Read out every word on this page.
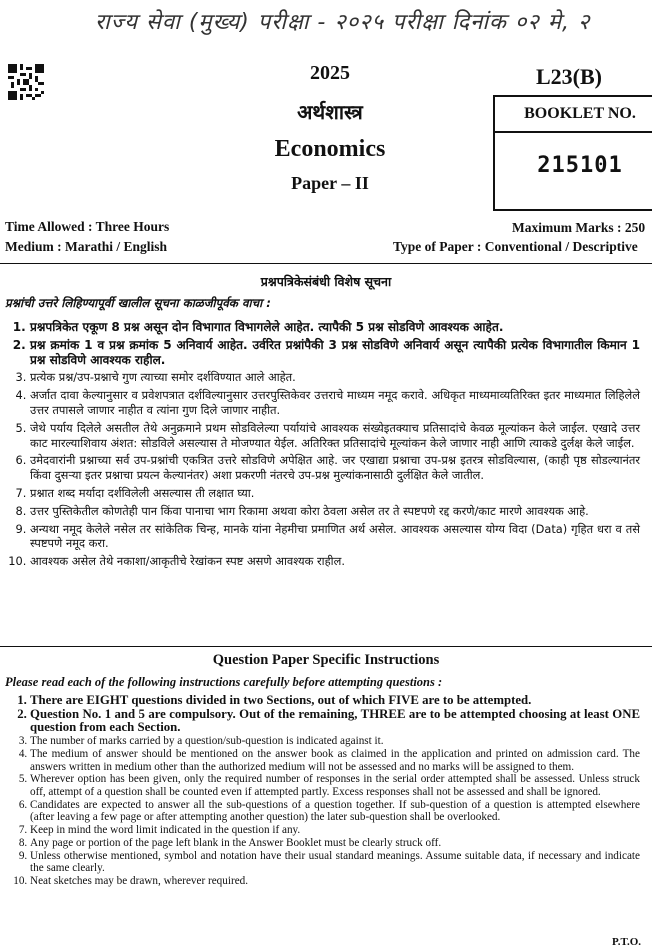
राज्य सेवा (मुख्य) परीक्षा - २०२५ परीक्षा दिनांक ०२ मे, २
2025
अर्थशास्त्र
Economics
Paper – II
L23(B)
BOOKLET NO.
215101
Time Allowed : Three Hours	Maximum Marks : 250
Medium : Marathi / English	Type of Paper : Conventional / Descriptive
प्रश्नपत्रिकेसंबंधी विशेष सूचना
प्रश्नांची उत्तरे लिहिण्यापूर्वी खालील सूचना काळजीपूर्वक वाचा :
1. प्रश्नपत्रिकेत एकूण 8 प्रश्न असून दोन विभागात विभागलेले आहेत. त्यापैकी 5 प्रश्न सोडविणे आवश्यक आहेत.
2. प्रश्न क्रमांक 1 व प्रश्न क्रमांक 5 अनिवार्य आहेत. उर्वरित प्रश्नांपैकी 3 प्रश्न सोडविणे अनिवार्य असून त्यापैकी प्रत्येक विभागातील किमान 1 प्रश्न सोडविणे आवश्यक राहील.
3. प्रत्येक प्रश्न/उप-प्रश्नाचे गुण त्याच्या समोर दर्शविण्यात आले आहेत.
4. अर्जात दावा केल्यानुसार व प्रवेशपत्रात दर्शविल्यानुसार उत्तरपुस्तिकेवर उत्तराचे माध्यम नमूद करावे. अधिकृत माध्यमाव्यतिरिक्त इतर माध्यमात लिहिलेले उत्तर तपासले जाणार नाहीत व त्यांना गुण दिले जाणार नाहीत.
5. जेथे पर्याय दिलेले असतील तेथे अनुक्रमाने प्रथम सोडविलेल्या पर्यायांचे आवश्यक संख्येइतक्याच प्रतिसादांचे केवळ मूल्यांकन केले जाईल. एखादे उत्तर काट मारल्याशिवाय अंशत: सोडविले असल्यास ते मोजण्यात येईल. अतिरिक्त प्रतिसादांचे मूल्यांकन केले जाणार नाही आणि त्याकडे दुर्लक्ष केले जाईल.
6. उमेदवारांनी प्रश्नाच्या सर्व उप-प्रश्नांची एकत्रित उत्तरे सोडविणे अपेक्षित आहे. जर एखाद्या प्रश्नाचा उप-प्रश्न इतरत्र सोडविल्यास, (काही पृष्ठ सोडल्यानंतर किंवा दुसऱ्या इतर प्रश्नाचा प्रयत्न केल्यानंतर) अशा प्रकरणी नंतरचे उप-प्रश्न मुल्यांकनासाठी दुर्लक्षित केले जातील.
7. प्रश्नात शब्द मर्यादा दर्शविलेली असल्यास ती लक्षात घ्या.
8. उत्तर पुस्तिकेतील कोणतेही पान किंवा पानाचा भाग रिकामा अथवा कोरा ठेवला असेल तर ते स्पष्टपणे रद्द करणे/काट मारणे आवश्यक आहे.
9. अन्यथा नमूद केलेले नसेल तर सांकेतिक चिन्ह, मानके यांना नेहमीचा प्रमाणित अर्थ असेल. आवश्यक असल्यास योग्य विदा (Data) गृहित धरा व तसे स्पष्टपणे नमूद करा.
10. आवश्यक असेल तेथे नकाशा/आकृतीचे रेखांकन स्पष्ट असणे आवश्यक राहील.
Question Paper Specific Instructions
Please read each of the following instructions carefully before attempting questions :
1. There are EIGHT questions divided in two Sections, out of which FIVE are to be attempted.
2. Question No. 1 and 5 are compulsory. Out of the remaining, THREE are to be attempted choosing at least ONE question from each Section.
3. The number of marks carried by a question/sub-question is indicated against it.
4. The medium of answer should be mentioned on the answer book as claimed in the application and printed on admission card. The answers written in medium other than the authorized medium will not be assessed and no marks will be assigned to them.
5. Wherever option has been given, only the required number of responses in the serial order attempted shall be assessed. Unless struck off, attempt of a question shall be counted even if attempted partly. Excess responses shall not be assessed and shall be ignored.
6. Candidates are expected to answer all the sub-questions of a question together. If sub-question of a question is attempted elsewhere (after leaving a few page or after attempting another question) the later sub-question shall be overlooked.
7. Keep in mind the word limit indicated in the question if any.
8. Any page or portion of the page left blank in the Answer Booklet must be clearly struck off.
9. Unless otherwise mentioned, symbol and notation have their usual standard meanings. Assume suitable data, if necessary and indicate the same clearly.
10. Neat sketches may be drawn, wherever required.
P.T.O.
